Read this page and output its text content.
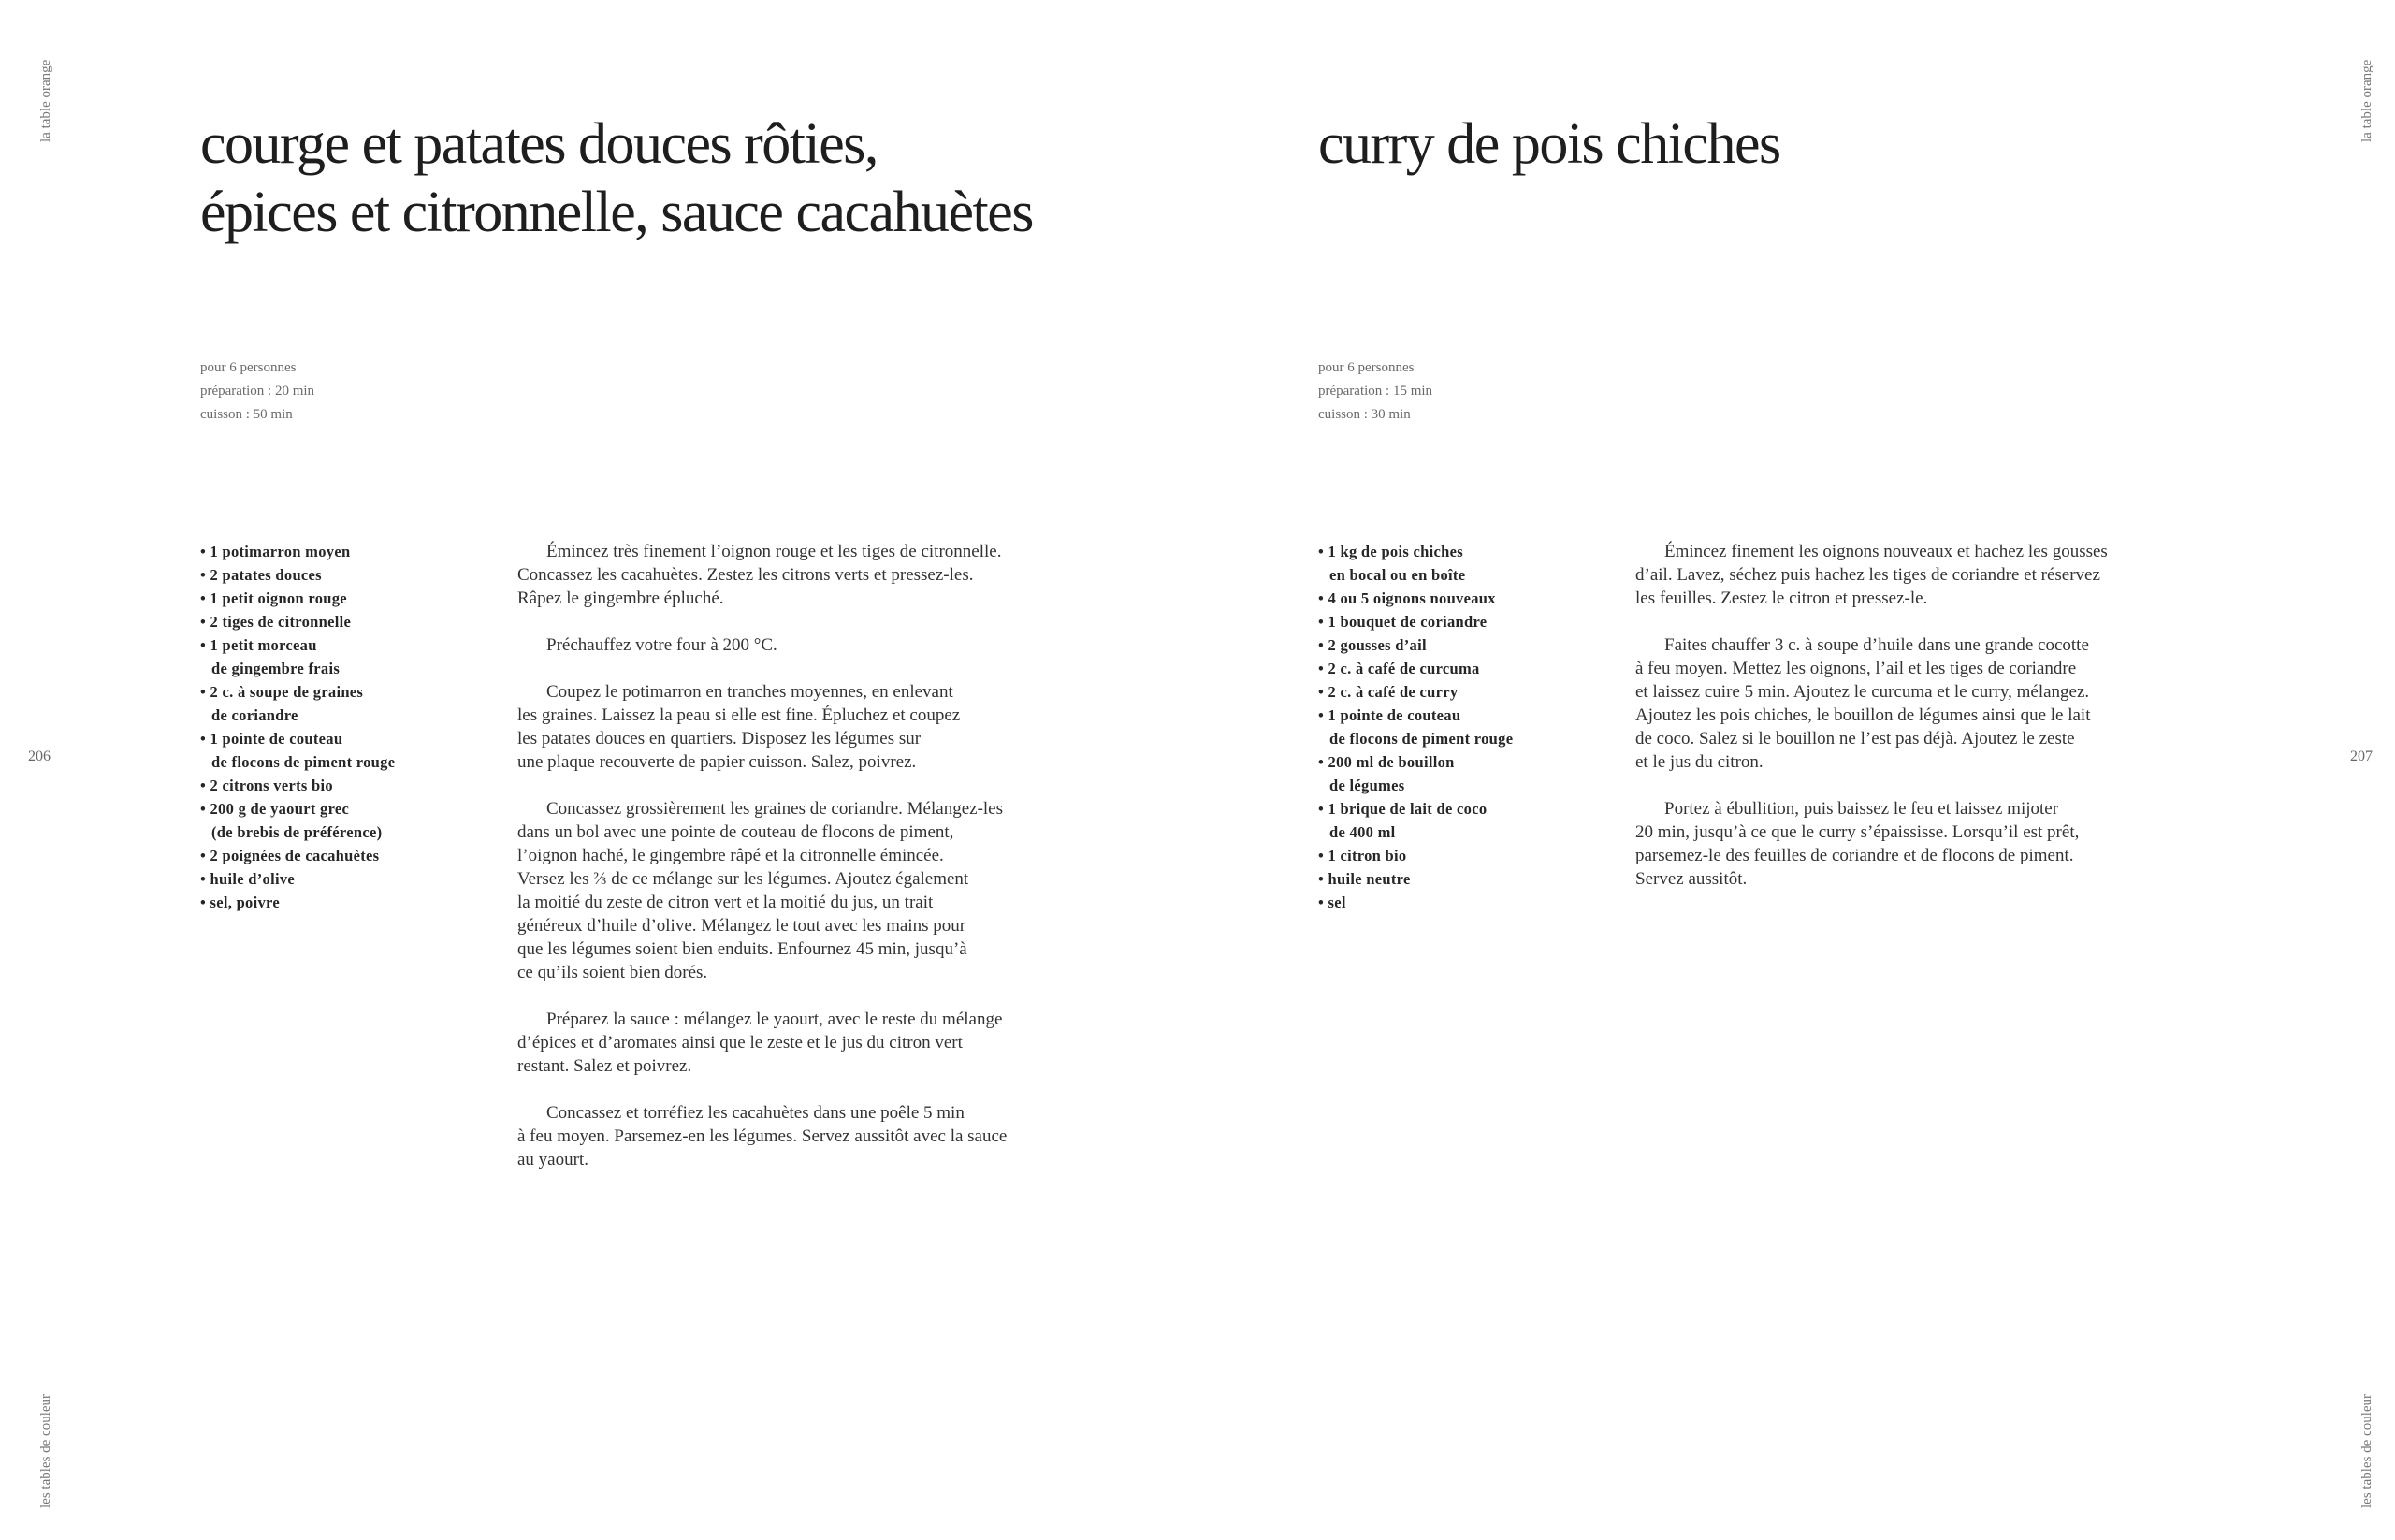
la table orange
les tables de couleur
206
courge et patates douces rôties,
épices et citronnelle, sauce cacahuètes
pour 6 personnes
préparation : 20 min
cuisson : 50 min
• 1 potimarron moyen
• 2 patates douces
• 1 petit oignon rouge
• 2 tiges de citronnelle
• 1 petit morceau
de gingembre frais
• 2 c. à soupe de graines
de coriandre
• 1 pointe de couteau
de flocons de piment rouge
• 2 citrons verts bio
• 200 g de yaourt grec
(de brebis de préférence)
• 2 poignées de cacahuètes
• huile d’olive
• sel, poivre

Émincez très finement l’oignon rouge et les tiges de citronnelle.
Concassez les cacahuètes. Zestez les citrons verts et pressez-les.
Râpez le gingembre épluché.

Préchauffez votre four à 200 °C.

Coupez le potimarron en tranches moyennes, en enlevant
les graines. Laissez la peau si elle est fine. Épluchez et coupez
les patates douces en quartiers. Disposez les légumes sur
une plaque recouverte de papier cuisson. Salez, poivrez.

Concassez grossièrement les graines de coriandre. Mélangez-les
dans un bol avec une pointe de couteau de flocons de piment,
l’oignon haché, le gingembre râpé et la citronnelle émincée.
Versez les ⅔ de ce mélange sur les légumes. Ajoutez également
la moitié du zeste de citron vert et la moitié du jus, un trait
généreux d’huile d’olive. Mélangez le tout avec les mains pour
que les légumes soient bien enduits. Enfournez 45 min, jusqu’à
ce qu’ils soient bien dorés.

Préparez la sauce : mélangez le yaourt, avec le reste du mélange
d’épices et d’aromates ainsi que le zeste et le jus du citron vert
restant. Salez et poivrez.

Concassez et torréfiez les cacahuètes dans une poêle 5 min
à feu moyen. Parsemez-en les légumes. Servez aussitôt avec la sauce
au yaourt.

la table orange
les tables de couleur
207
curry de pois chiches
pour 6 personnes
préparation : 15 min
cuisson : 30 min
• 1 kg de pois chiches
en bocal ou en boîte
• 4 ou 5 oignons nouveaux
• 1 bouquet de coriandre
• 2 gousses d’ail
• 2 c. à café de curcuma
• 2 c. à café de curry
• 1 pointe de couteau
de flocons de piment rouge
• 200 ml de bouillon
de légumes
• 1 brique de lait de coco
de 400 ml
• 1 citron bio
• huile neutre
• sel

Émincez finement les oignons nouveaux et hachez les gousses
d’ail. Lavez, séchez puis hachez les tiges de coriandre et réservez
les feuilles. Zestez le citron et pressez-le.

Faites chauffer 3 c. à soupe d’huile dans une grande cocotte
à feu moyen. Mettez les oignons, l’ail et les tiges de coriandre
et laissez cuire 5 min. Ajoutez le curcuma et le curry, mélangez.
Ajoutez les pois chiches, le bouillon de légumes ainsi que le lait
de coco. Salez si le bouillon ne l’est pas déjà. Ajoutez le zeste
et le jus du citron.

Portez à ébullition, puis baissez le feu et laissez mijoter
20 min, jusqu’à ce que le curry s’épaississe. Lorsqu’il est prêt,
parsemez-le des feuilles de coriandre et de flocons de piment.
Servez aussitôt.
